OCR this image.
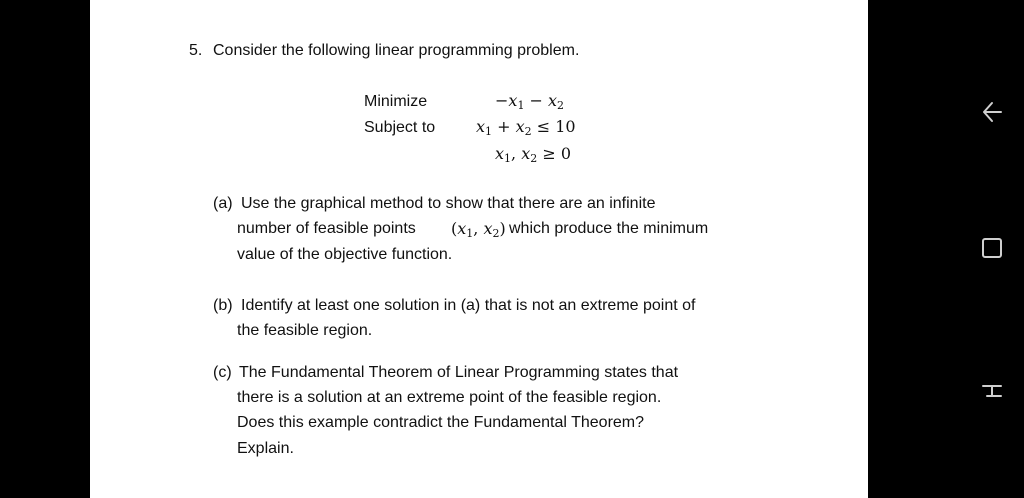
5. Consider the following linear programming problem.
Minimize	$-x_1 - x_2$
Subject to	$x_1 + x_2 \le 10$
$x_1$, $x_2 \ge 0$
(a) Use the graphical method to show that there are an infinite
number of feasible points ($x_1$, $x_2$) which produce the minimum
value of the objective function.
(b) Identify at least one solution in (a) that is not an extreme point of
the feasible region.
(c) The Fundamental Theorem of Linear Programming states that
there is a solution at an extreme point of the feasible region.
Does this example contradict the Fundamental Theorem?
Explain.
